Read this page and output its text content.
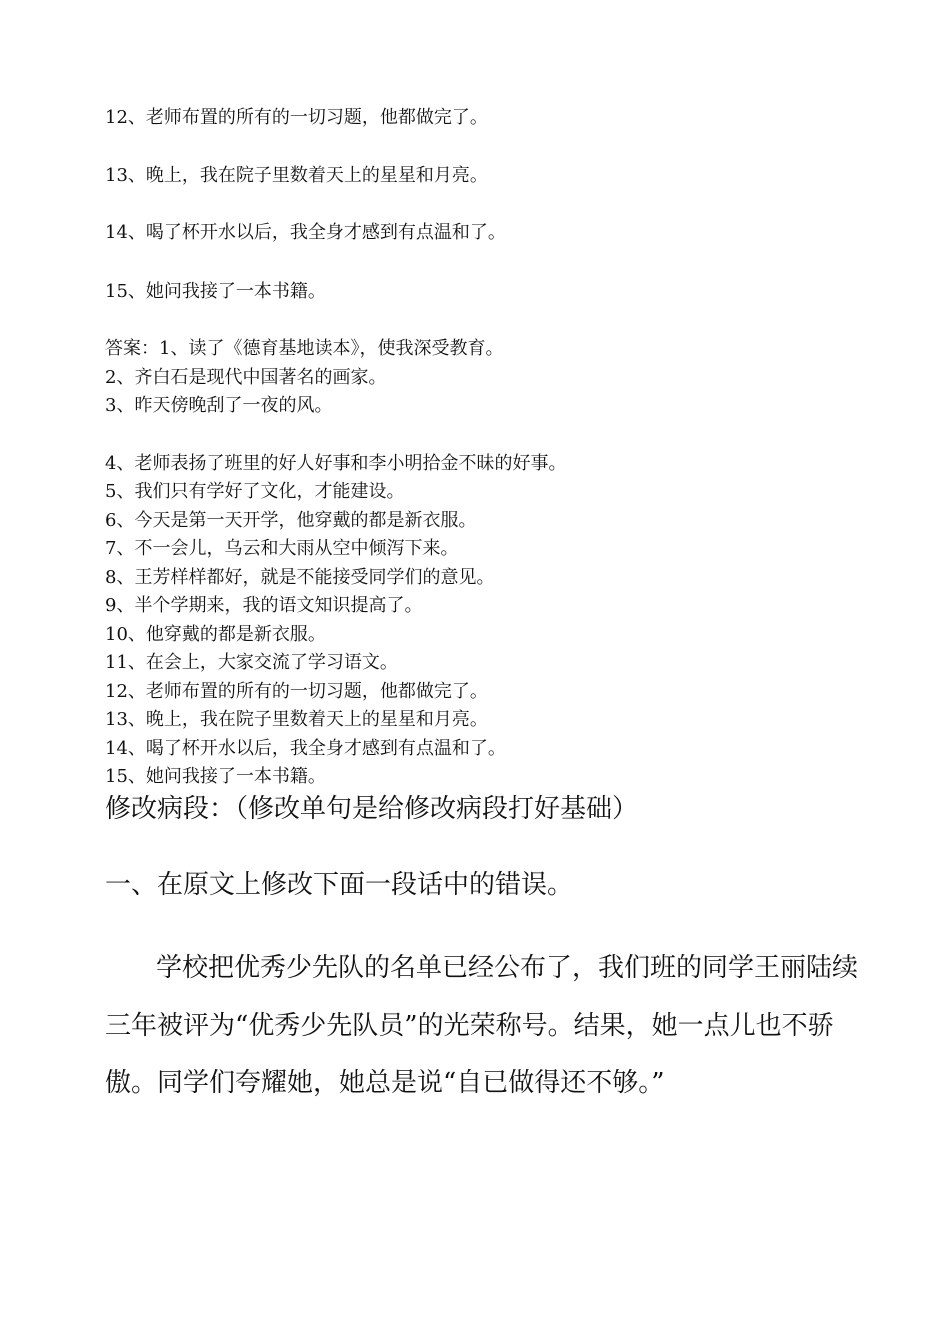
12、老师布置的所有的一切习题，他都做完了。

13、晚上，我在院子里数着天上的星星和月亮。

14、喝了杯开水以后，我全身才感到有点温和了。

15、她问我接了一本书籍。

答案：1、读了《德育基地读本》，使我深受教育。

2、齐白石是现代中国著名的画家。

3、昨天傍晚刮了一夜的风。

4、老师表扬了班里的好人好事和李小明拾金不昧的好事。

5、我们只有学好了文化，才能建设。

6、今天是第一天开学，他穿戴的都是新衣服。

7、不一会儿，乌云和大雨从空中倾泻下来。

8、王芳样样都好，就是不能接受同学们的意见。

9、半个学期来，我的语文知识提高了。

10、他穿戴的都是新衣服。

11、在会上，大家交流了学习语文。

12、老师布置的所有的一切习题，他都做完了。

13、晚上，我在院子里数着天上的星星和月亮。

14、喝了杯开水以后，我全身才感到有点温和了。

15、她问我接了一本书籍。

修改病段：（修改单句是给修改病段打好基础）

一、在原文上修改下面一段话中的错误。

学校把优秀少先队的名单已经公布了，我们班的同学王丽陆续

三年被评为“优秀少先队员”的光荣称号。结果，她一点儿也不骄

傲。同学们夸耀她，她总是说“自已做得还不够。”
